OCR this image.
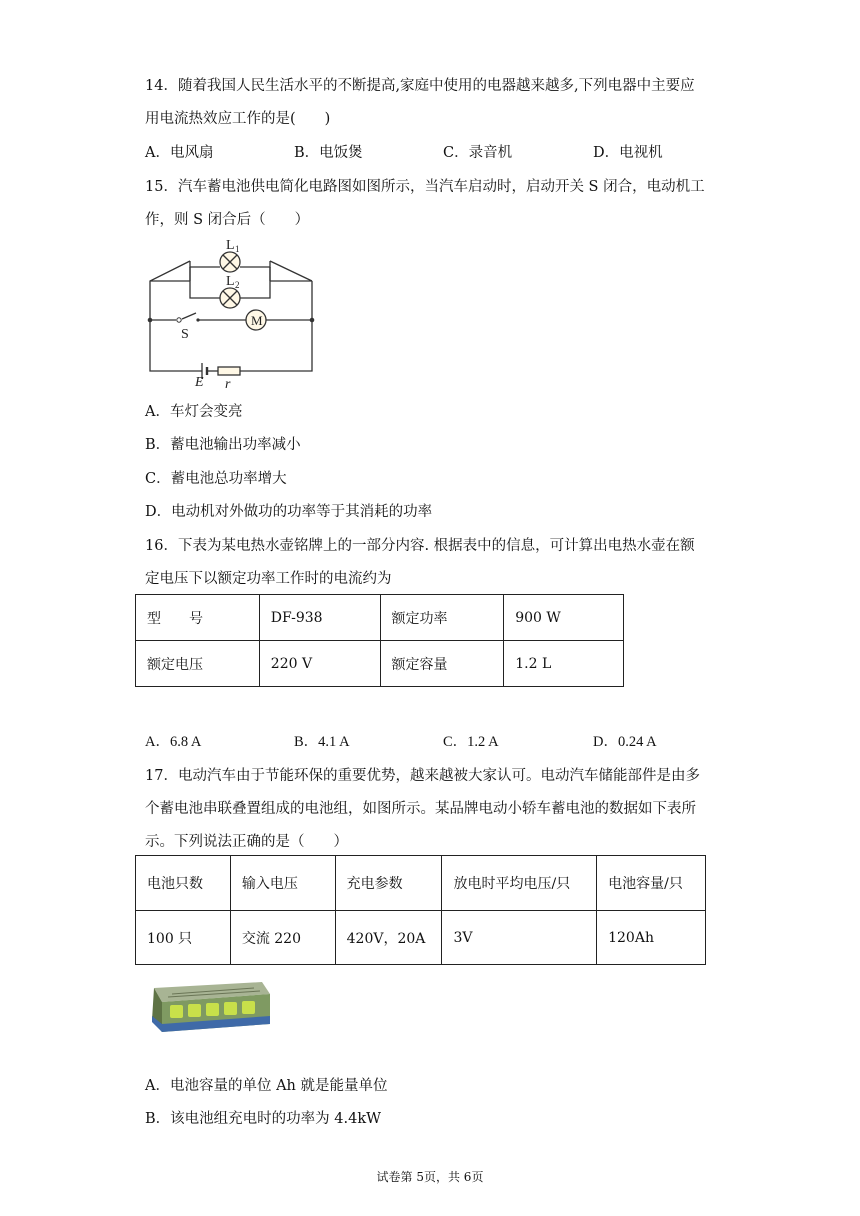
14．随着我国人民生活水平的不断提高,家庭中使用的电器越来越多,下列电器中主要应
用电流热效应工作的是(　　)
A．电风扇	B．电饭煲	C．录音机	D．电视机
15．汽车蓄电池供电简化电路图如图所示，当汽车启动时，启动开关 S 闭合，电动机工
作，则 S 闭合后（　　）
L 1
L 2
S
M
E r
A．车灯会变亮
B．蓄电池输出功率减小
C．蓄电池总功率增大
D．电动机对外做功的功率等于其消耗的功率
16．下表为某电热水壶铭牌上的一部分内容. 根据表中的信息，可计算出电热水壶在额
定电压下以额定功率工作时的电流约为
型　　号	DF-938	额定功率	900 W
额定电压	220 V	额定容量	1.2 L
A．6.8 A	B．4.1 A	C．1.2 A	D．0.24 A
17．电动汽车由于节能环保的重要优势，越来越被大家认可。电动汽车储能部件是由多
个蓄电池串联叠置组成的电池组，如图所示。某品牌电动小轿车蓄电池的数据如下表所
示。下列说法正确的是（　　）
电池只数	输入电压	充电参数	放电时平均电压/只	电池容量/只
100 只	交流 220	420V，20A	3V	120Ah
A．电池容量的单位 Ah 就是能量单位
B．该电池组充电时的功率为 4.4kW
试卷第 5页，共 6页
